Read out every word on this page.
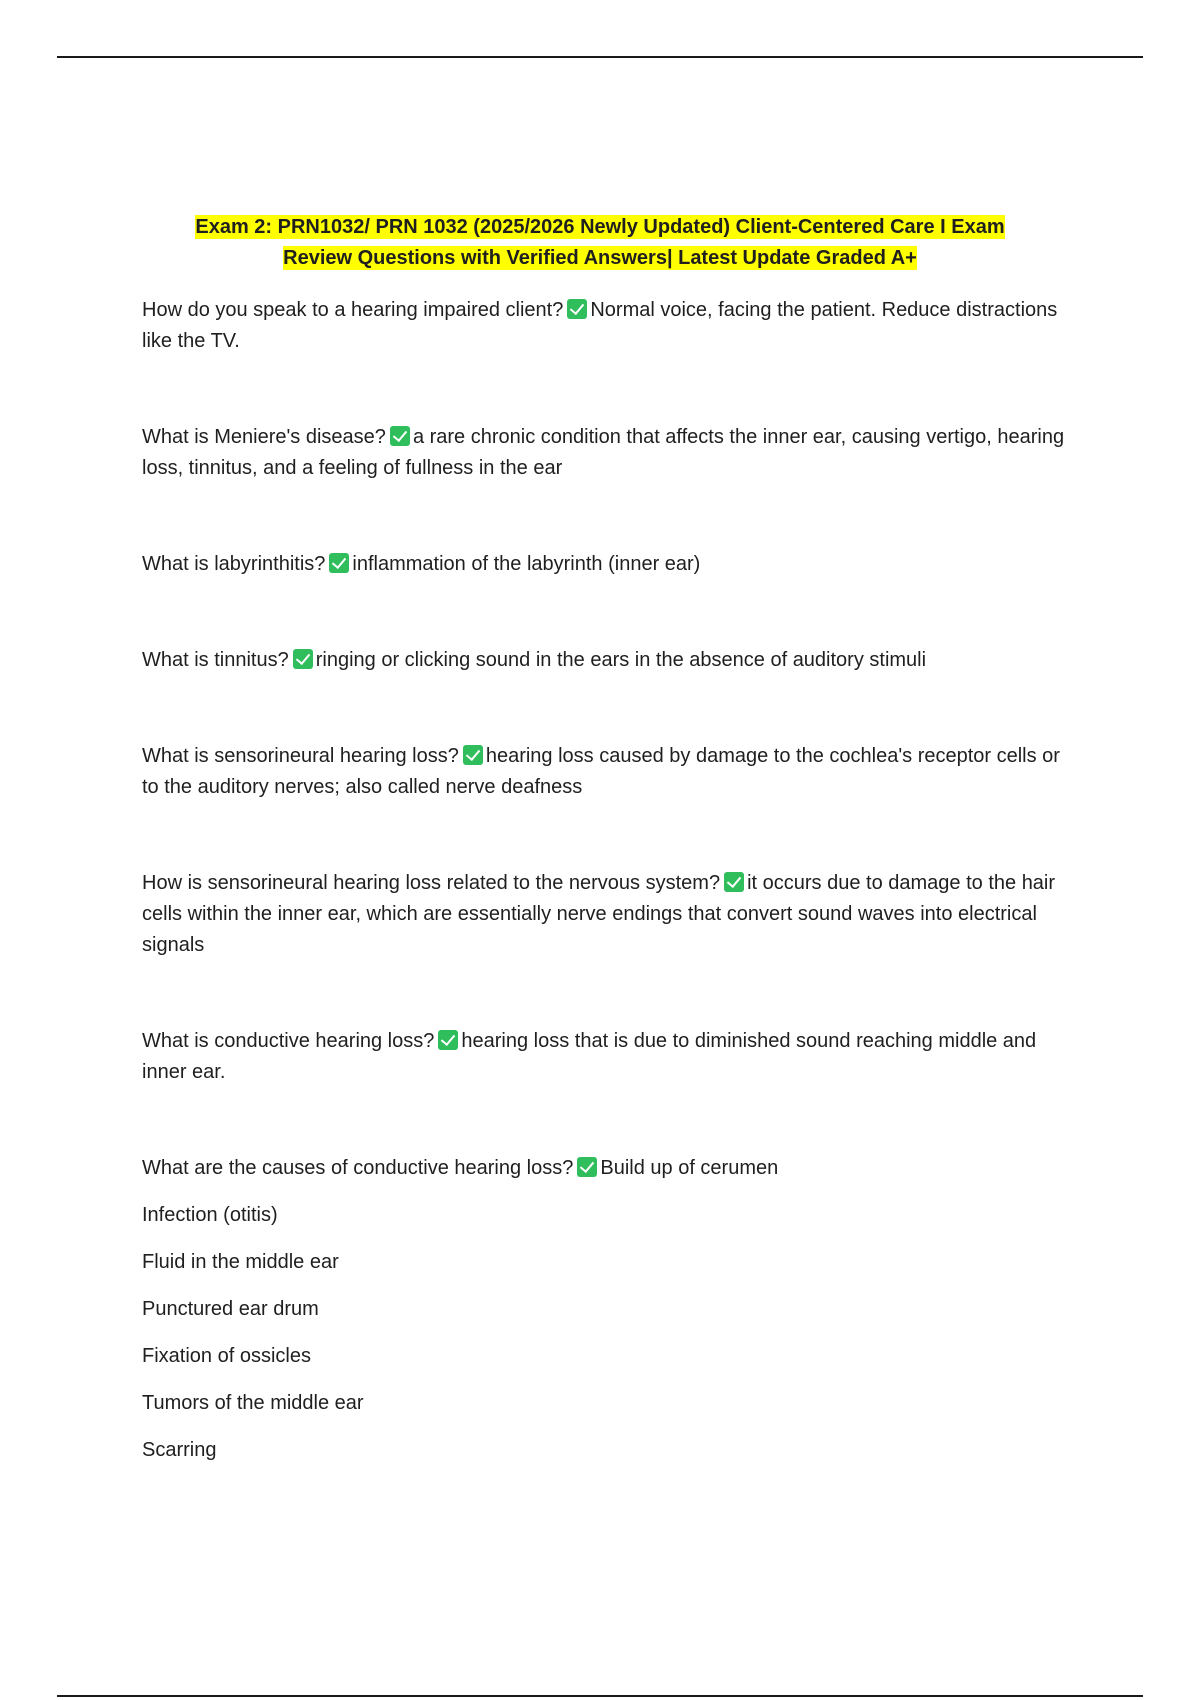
Exam 2: PRN1032/ PRN 1032 (2025/2026 Newly Updated) Client-Centered Care I Exam
Review Questions with Verified Answers| Latest Update Graded A+

How do you speak to a hearing impaired client? Normal voice, facing the patient. Reduce distractions like the TV.

What is Meniere's disease? a rare chronic condition that affects the inner ear, causing vertigo, hearing loss, tinnitus, and a feeling of fullness in the ear

What is labyrinthitis? inflammation of the labyrinth (inner ear)

What is tinnitus? ringing or clicking sound in the ears in the absence of auditory stimuli

What is sensorineural hearing loss? hearing loss caused by damage to the cochlea's receptor cells or to the auditory nerves; also called nerve deafness

How is sensorineural hearing loss related to the nervous system? it occurs due to damage to the hair cells within the inner ear, which are essentially nerve endings that convert sound waves into electrical signals

What is conductive hearing loss? hearing loss that is due to diminished sound reaching middle and inner ear.

What are the causes of conductive hearing loss? Build up of cerumen

Infection (otitis)
Fluid in the middle ear
Punctured ear drum
Fixation of ossicles
Tumors of the middle ear
Scarring
